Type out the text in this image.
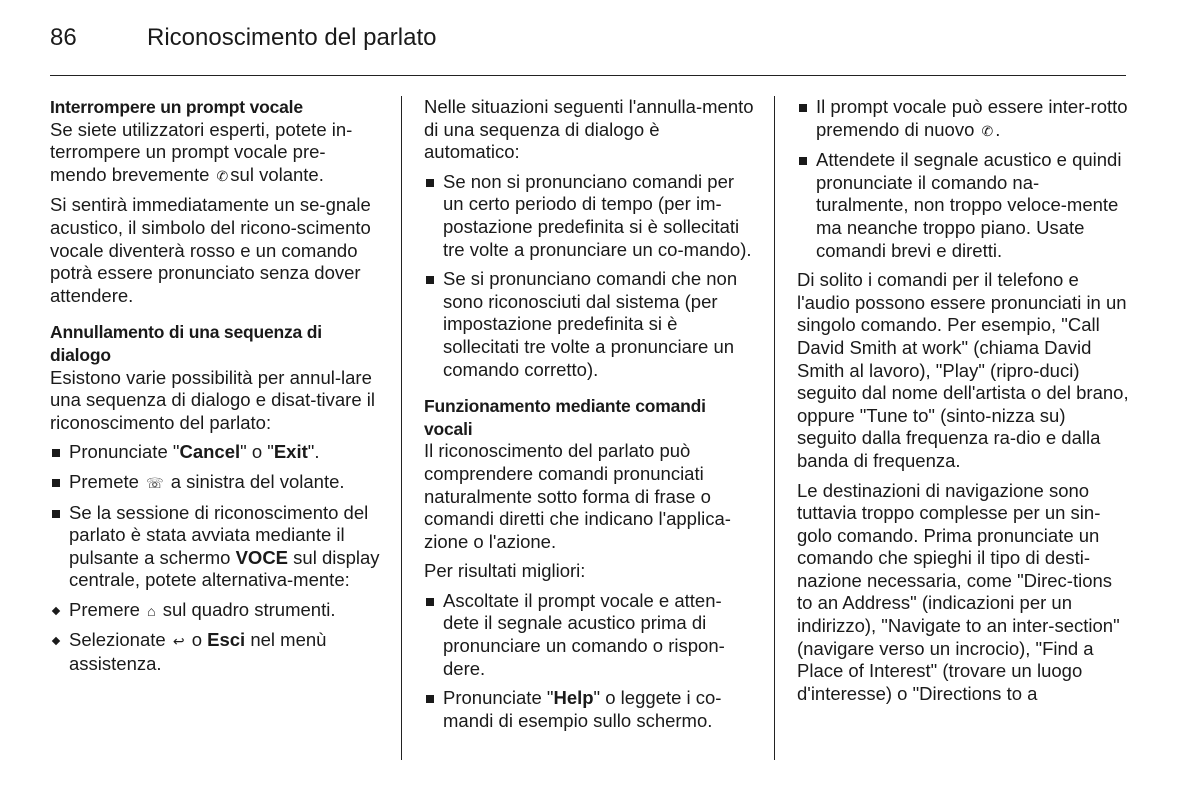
86	Riconoscimento del parlato
Interrompere un prompt vocale

Se siete utilizzatori esperti, potete in-terrompere un prompt vocale pre-mendo brevemente ✆ sul volante.

Si sentirà immediatamente un se-gnale acustico, il simbolo del ricono-scimento vocale diventerà rosso e un comando potrà essere pronunciato senza dover attendere.

Annullamento di una sequenza di dialogo

Esistono varie possibilità per annul-lare una sequenza di dialogo e disat-tivare il riconoscimento del parlato:

Pronunciate "Cancel" o "Exit".
Premete ☏ a sinistra del volante.
Se la sessione di riconoscimento del parlato è stata avviata mediante il pulsante a schermo VOCE sul display centrale, potete alternativa-mente:
Premere ⌂ sul quadro strumenti.
Selezionate ↩ o Esci nel menù assistenza.

Nelle situazioni seguenti l'annulla-mento di una sequenza di dialogo è automatico:

Se non si pronunciano comandi per un certo periodo di tempo (per im-postazione predefinita si è sollecitati tre volte a pronunciare un co-mando).
Se si pronunciano comandi che non sono riconosciuti dal sistema (per impostazione predefinita si è sollecitati tre volte a pronunciare un comando corretto).
Funzionamento mediante comandi vocali

Il riconoscimento del parlato può comprendere comandi pronunciati naturalmente sotto forma di frase o comandi diretti che indicano l'applica-zione o l'azione.

Per risultati migliori:

Ascoltate il prompt vocale e atten-dete il segnale acustico prima di pronunciare un comando o rispon-dere.
Pronunciate "Help" o leggete i co-mandi di esempio sullo schermo.
Il prompt vocale può essere inter-rotto premendo di nuovo ✆ .
Attendete il segnale acustico e quindi pronunciate il comando na-turalmente, non troppo veloce-mente ma neanche troppo piano. Usate comandi brevi e diretti.

Di solito i comandi per il telefono e l'audio possono essere pronunciati in un singolo comando. Per esempio, "Call David Smith at work" (chiama David Smith al lavoro), "Play" (ripro-duci) seguito dal nome dell'artista o del brano, oppure "Tune to" (sinto-nizza su) seguito dalla frequenza ra-dio e dalla banda di frequenza.

Le destinazioni di navigazione sono tuttavia troppo complesse per un sin-golo comando. Prima pronunciate un comando che spieghi il tipo di desti-nazione necessaria, come "Direc-tions to an Address" (indicazioni per un indirizzo), "Navigate to an inter-section" (navigare verso un incrocio), "Find a Place of Interest" (trovare un luogo d'interesse) o "Directions to a
